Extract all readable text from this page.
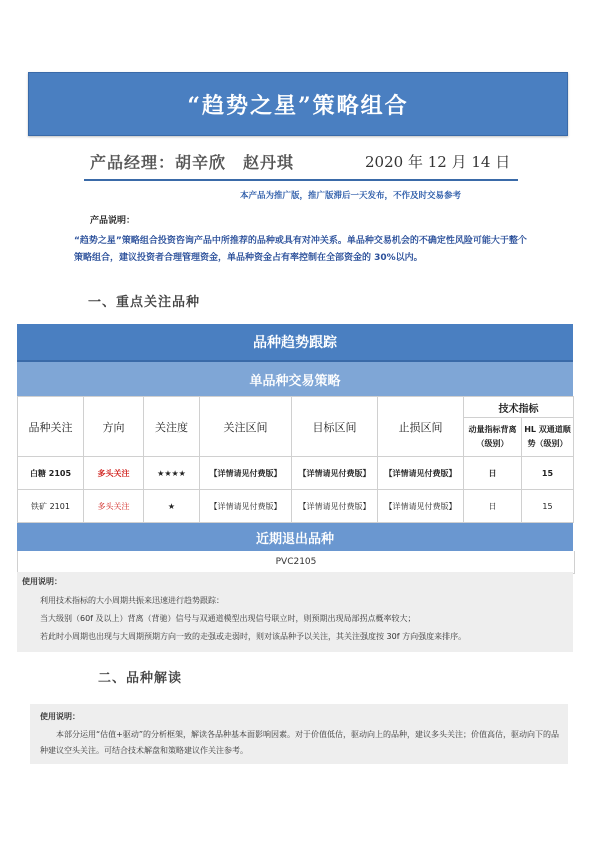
“趋势之星”策略组合
产品经理：胡辛欣　赵丹琪	2020 年 12 月 14 日
本产品为推广版，推广版滞后一天发布，不作及时交易参考
产品说明：
“趋势之星”策略组合投资咨询产品中所推荐的品种或具有对冲关系。单品种交易机会的不确定性风险可能大于整个策略组合，建议投资者合理管理资金，单品种资金占有率控制在全部资金的 30%以内。
一、重点关注品种
品种趋势跟踪
单品种交易策略
品种关注	方向	关注度	关注区间	目标区间	止损区间	技术指标	
						动量指标背离（级别）	HL 双通道顺势（级别）
白糖 2105	多头关注	★★★★	【详情请见付费版】	【详情请见付费版】	【详情请见付费版】	日	15
铁矿 2101	多头关注	★	【详情请见付费版】	【详情请见付费版】	【详情请见付费版】	日	15
近期退出品种
PVC2105
使用说明：
利用技术指标的大小周期共振来迅速进行趋势跟踪：
当大级别（60f 及以上）背离（背驰）信号与双通道模型出现信号联立时，则预期出现局部拐点概率较大；
若此时小周期也出现与大周期预期方向一致的走强或走弱时，则对该品种予以关注，其关注强度按 30f 方向强度来排序。
二、品种解读
使用说明：
本部分运用“估值+驱动”的分析框架，解读各品种基本面影响因素。对于价值低估，驱动向上的品种，建议多头关注；价值高估，驱动向下的品种建议空头关注。可结合技术解盘和策略建议作关注参考。
